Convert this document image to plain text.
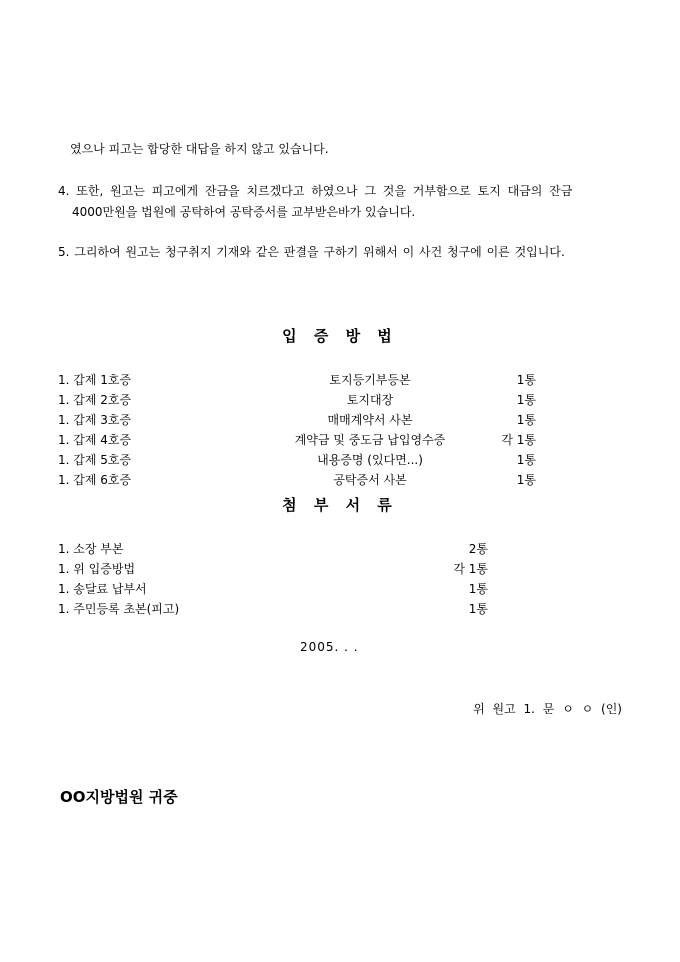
였으나 피고는 합당한 대답을 하지 않고 있습니다.
4. 또한, 원고는 피고에게 잔금을 치르겠다고 하였으나 그 것을 거부함으로 토지 대금의 잔금
4000만원을 법원에 공탁하여 공탁증서를 교부받은바가 있습니다.
5. 그리하여 원고는 청구취지 기재와 같은 판결을 구하기 위해서 이 사건 청구에 이른 것입니다.
입 증 방 법
1. 갑제 1호증	토지등기부등본	1통
1. 갑제 2호증	토지대장	1통
1. 갑제 3호증	매매계약서 사본	1통
1. 갑제 4호증	계약금 및 중도금 납입영수증	각 1통
1. 갑제 5호증	내용증명 (있다면...)	1통
1. 갑제 6호증	공탁증서 사본	1통
첨 부 서 류
1. 소장 부본	2통
1. 위 입증방법	각 1통
1. 송달료 납부서	1통
1. 주민등록 초본(피고)	1통
2005. . .
위 원고 1. 문 ㅇ ㅇ (인)
OO지방법원 귀중
